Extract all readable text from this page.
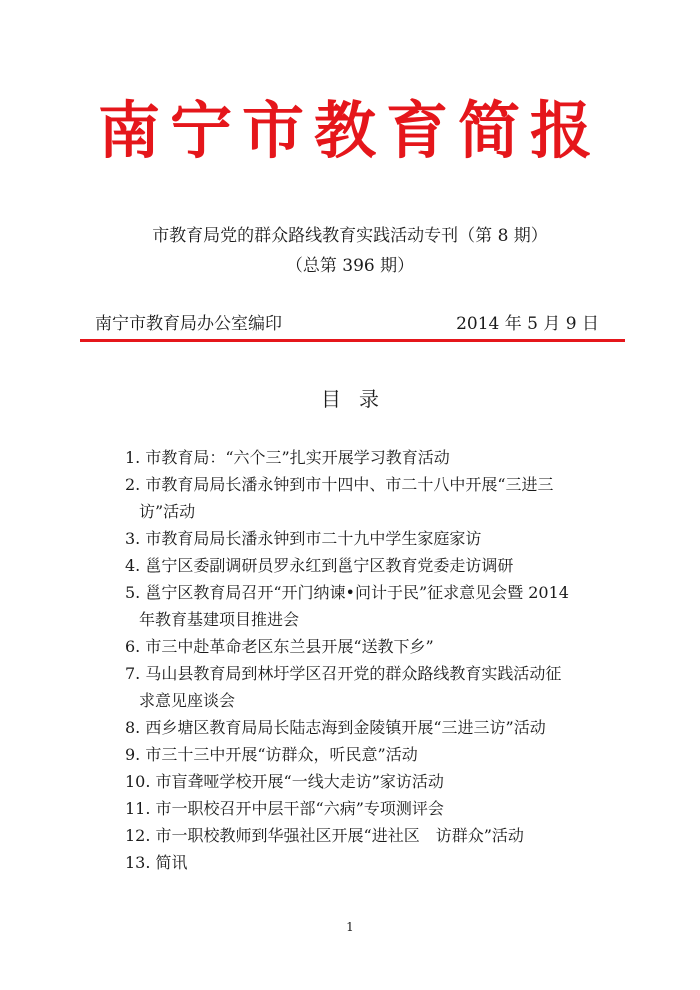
南宁市教育简报
市教育局党的群众路线教育实践活动专刊（第 8 期）
（总第 396 期）
南宁市教育局办公室编印	2014 年 5 月 9 日
目录
1. 市教育局：“六个三”扎实开展学习教育活动
2. 市教育局局长潘永钟到市十四中、市二十八中开展“三进三
访”活动
3. 市教育局局长潘永钟到市二十九中学生家庭家访
4. 邕宁区委副调研员罗永红到邕宁区教育党委走访调研
5. 邕宁区教育局召开“开门纳谏•问计于民”征求意见会暨 2014
年教育基建项目推进会
6. 市三中赴革命老区东兰县开展“送教下乡”
7. 马山县教育局到林圩学区召开党的群众路线教育实践活动征
求意见座谈会
8. 西乡塘区教育局局长陆志海到金陵镇开展“三进三访”活动
9. 市三十三中开展“访群众，听民意”活动
10. 市盲聋哑学校开展“一线大走访”家访活动
11. 市一职校召开中层干部“六病”专项测评会
12. 市一职校教师到华强社区开展“进社区　访群众”活动
13. 简讯
1
